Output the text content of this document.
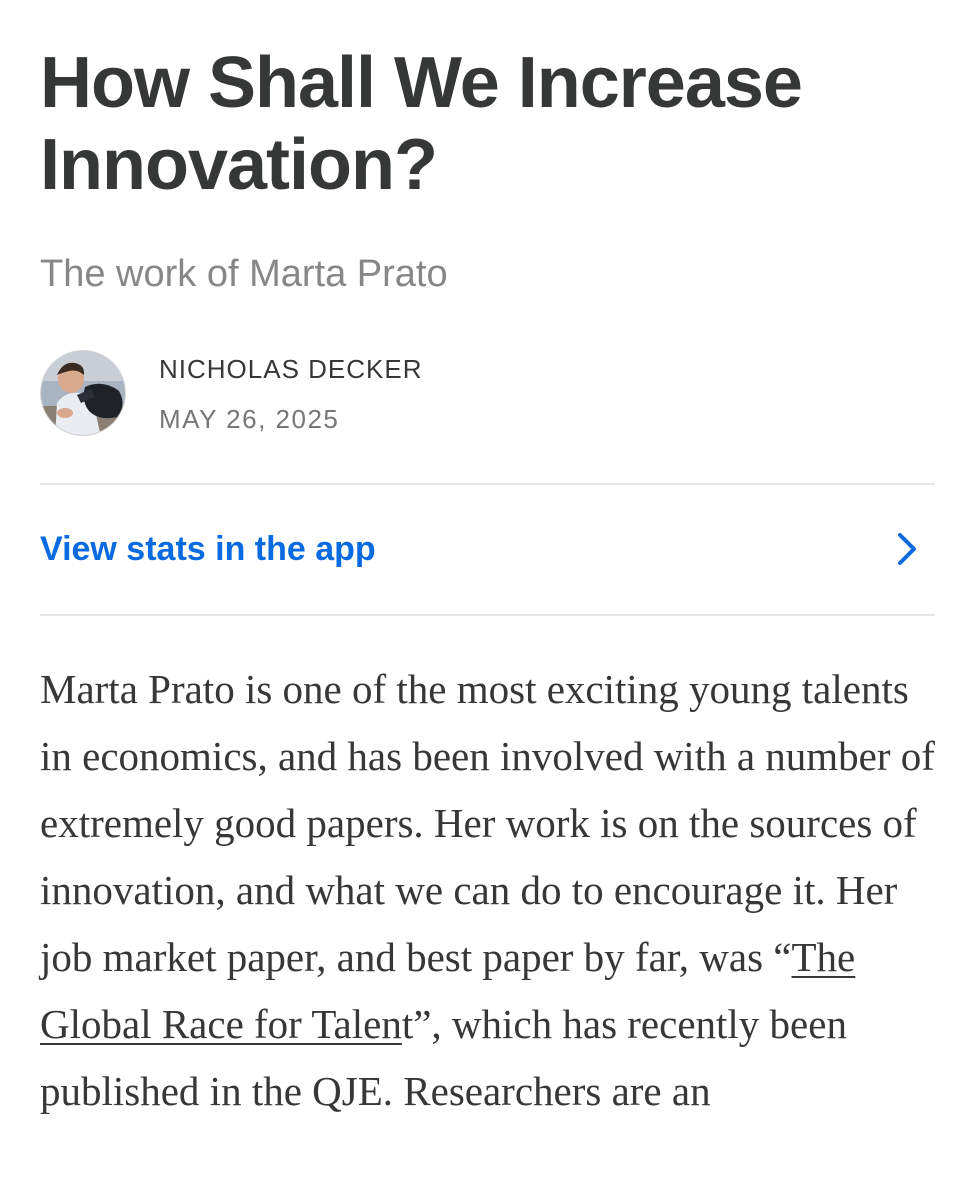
How Shall We Increase Innovation?
The work of Marta Prato
NICHOLAS DECKER
MAY 26, 2025
View stats in the app

Marta Prato is one of the most exciting young talents in economics, and has been involved with a number of extremely good papers. Her work is on the sources of innovation, and what we can do to encourage it. Her job market paper, and best paper by far, was “The Global Race for Talent”, which has recently been published in the QJE. Researchers are an
